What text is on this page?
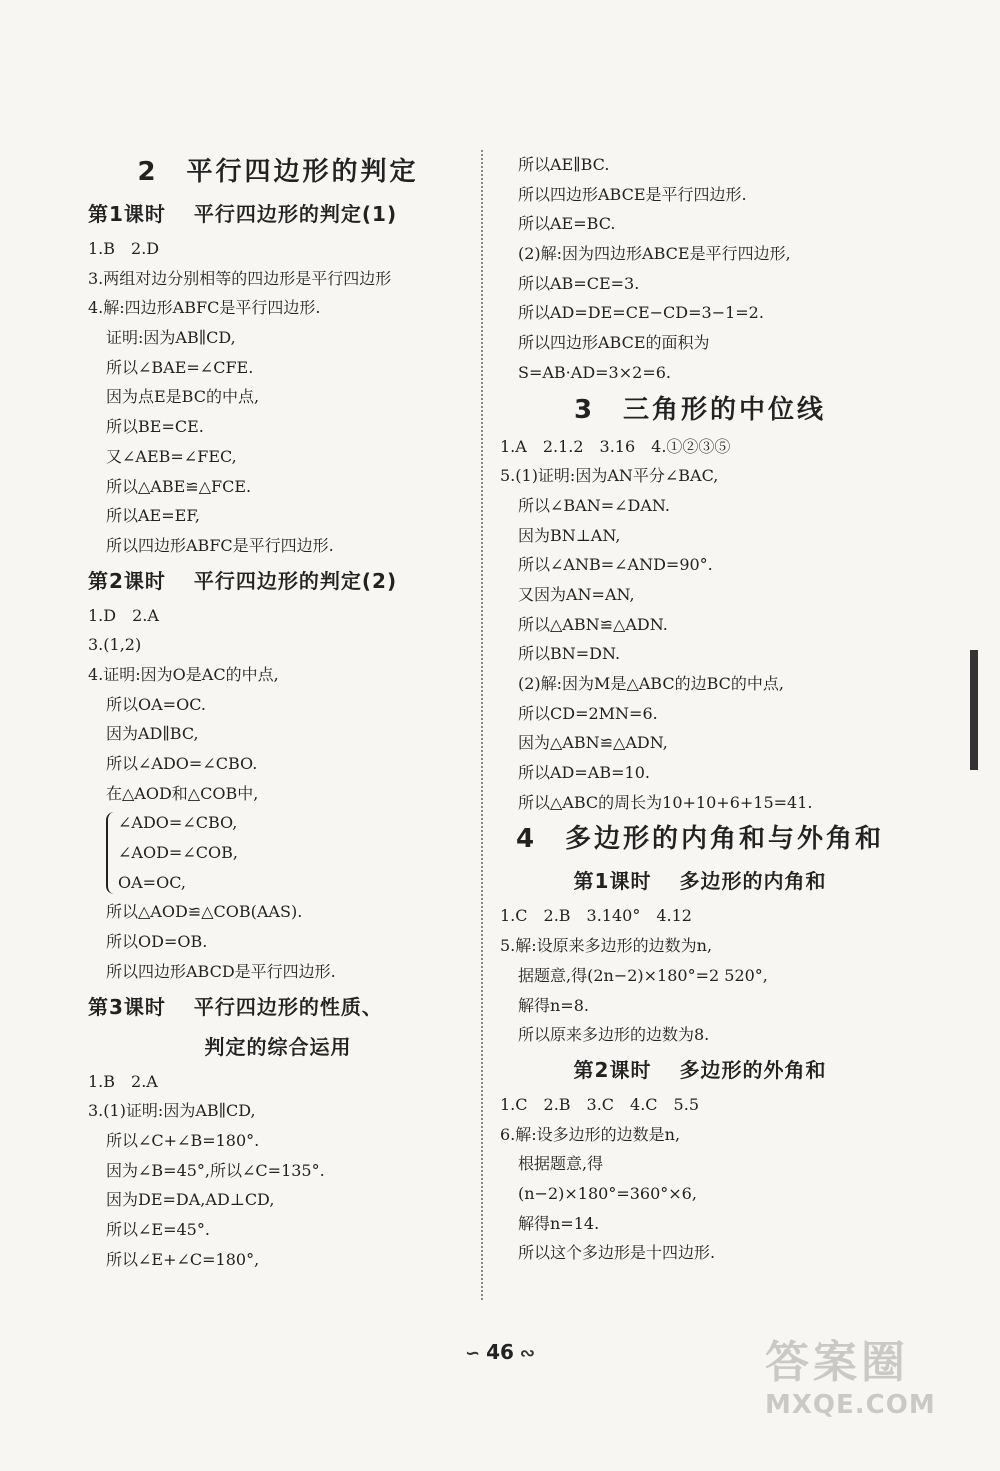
2 平行四边形的判定
第1课时 平行四边形的判定(1)
1.B　2.D
3.两组对边分别相等的四边形是平行四边形
4.解:四边形ABFC是平行四边形.
证明:因为AB∥CD,
所以∠BAE=∠CFE.
因为点E是BC的中点,
所以BE=CE.
又∠AEB=∠FEC,
所以△ABE≌△FCE.
所以AE=EF,
所以四边形ABFC是平行四边形.
第2课时 平行四边形的判定(2)
1.D　2.A
3.(1,2)
4.证明:因为O是AC的中点,
所以OA=OC.
因为AD∥BC,
所以∠ADO=∠CBO.
在△AOD和△COB中,
∠ADO=∠CBO,
∠AOD=∠COB,
OA=OC,
所以△AOD≌△COB(AAS).
所以OD=OB.
所以四边形ABCD是平行四边形.
第3课时 平行四边形的性质、
判定的综合运用
1.B　2.A
3.(1)证明:因为AB∥CD,
所以∠C+∠B=180°.
因为∠B=45°,所以∠C=135°.
因为DE=DA,AD⊥CD,
所以∠E=45°.
所以∠E+∠C=180°,
所以AE∥BC.
所以四边形ABCE是平行四边形.
所以AE=BC.
(2)解:因为四边形ABCE是平行四边形,
所以AB=CE=3.
所以AD=DE=CE−CD=3−1=2.
所以四边形ABCE的面积为
S=AB·AD=3×2=6.
3 三角形的中位线
1.A　2.1.2　3.16　4.①②③⑤
5.(1)证明:因为AN平分∠BAC,
所以∠BAN=∠DAN.
因为BN⊥AN,
所以∠ANB=∠AND=90°.
又因为AN=AN,
所以△ABN≌△ADN.
所以BN=DN.
(2)解:因为M是△ABC的边BC的中点,
所以CD=2MN=6.
因为△ABN≌△ADN,
所以AD=AB=10.
所以△ABC的周长为10+10+6+15=41.
4 多边形的内角和与外角和
第1课时 多边形的内角和
1.C　2.B　3.140°　4.12
5.解:设原来多边形的边数为n,
据题意,得(2n−2)×180°=2 520°,
解得n=8.
所以原来多边形的边数为8.
第2课时 多边形的外角和
1.C　2.B　3.C　4.C　5.5
6.解:设多边形的边数是n,
根据题意,得
(n−2)×180°=360°×6,
解得n=14.
所以这个多边形是十四边形.
∽ 46 ∾	答案圈
MXQE.COM
